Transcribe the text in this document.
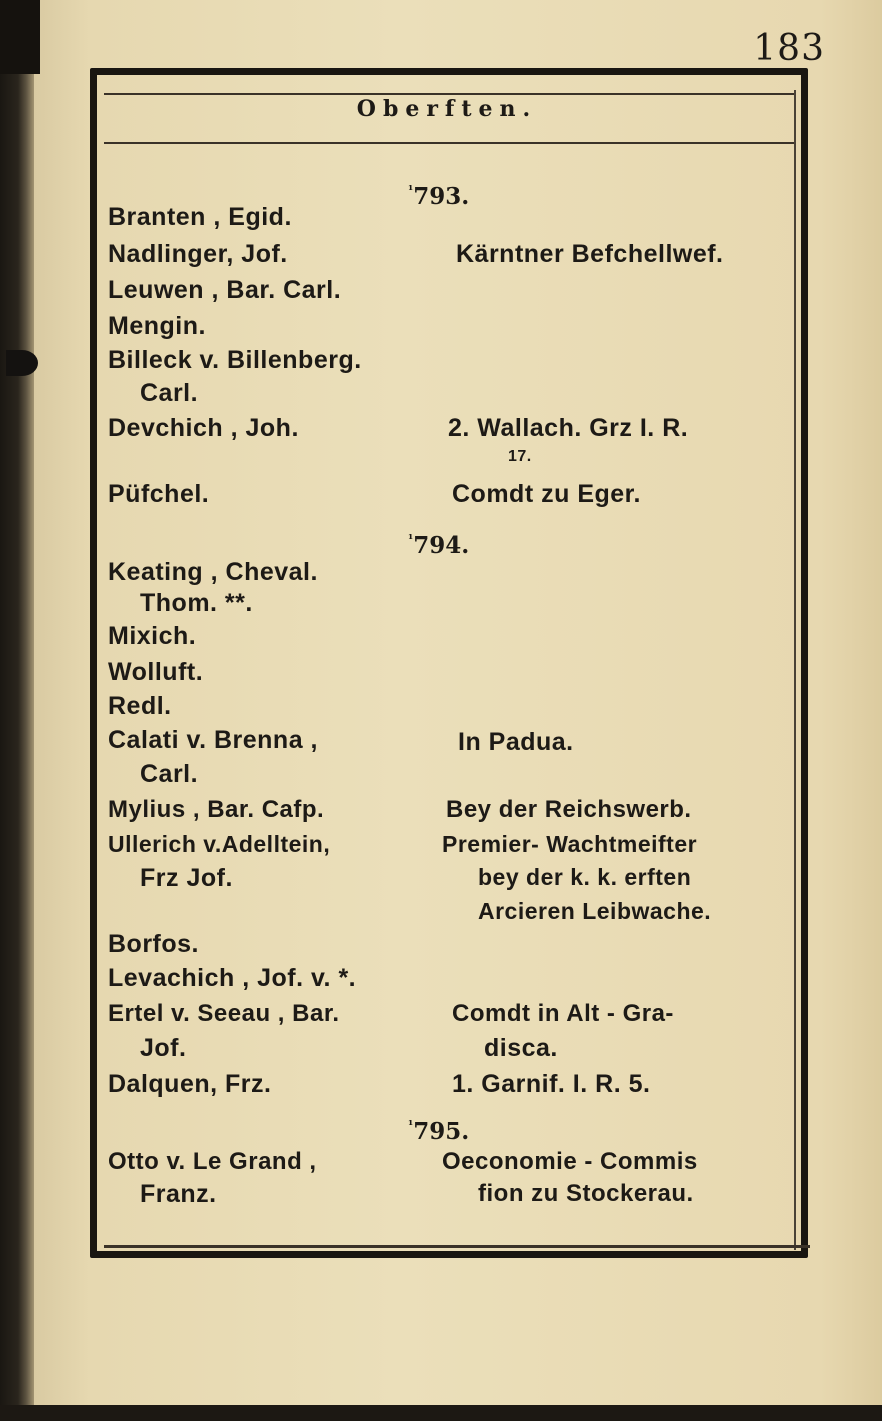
183
Oberften.
¹ 793.
¹ 794.
¹ 795.
Branten , Egid.
Nadlinger, Jof.	Kärntner Befchellwef.
Leuwen , Bar. Carl.
Mengin.
Billeck v. Billenberg.
Carl.
Devchich , Joh.	2. Wallach. Grz I. R.
17.
Püfchel.	Comdt zu Eger.
Keating , Cheval.
Thom. **.
Mixich.
Wolluft.
Redl.
Calati v. Brenna ,	In Padua.
Carl.
Mylius , Bar. Cafp.	Bey der Reichswerb.
Ullerich v.Adelltein,	Premier- Wachtmeifter
Frz Jof.	bey der k. k. erften
Arcieren Leibwache.
Borfos.
Levachich , Jof. v. *.
Ertel v. Seeau , Bar.	Comdt in Alt - Gra-
Jof.	disca.
Dalquen, Frz.	1. Garnif. I. R. 5.
Otto v. Le Grand ,	Oeconomie - Commis
Franz.	fion zu Stockerau.
